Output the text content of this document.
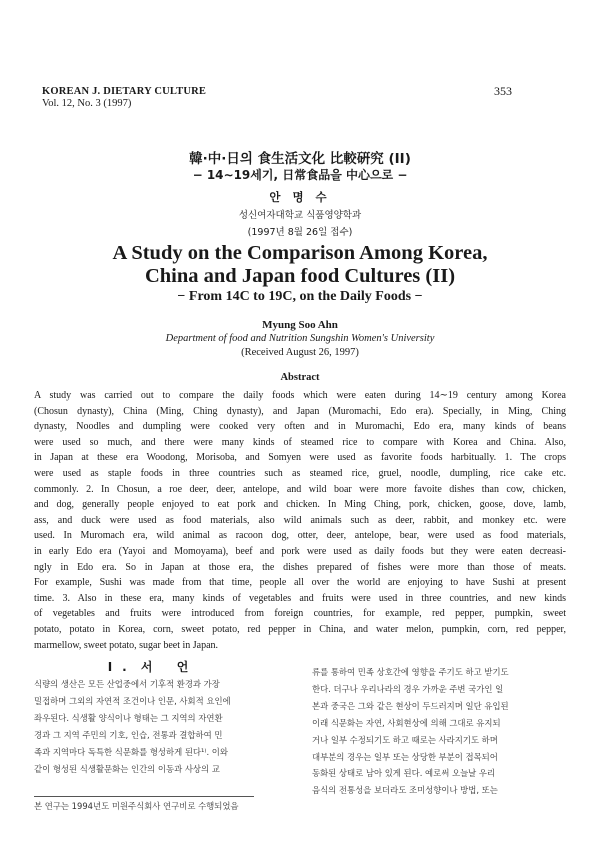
KOREAN J. DIETARY CULTURE
Vol. 12, No. 3 (1997)
353
韓·中·日의 食生活文化 比較硏究 (II)
− 14∼19세기, 日常食品을 中心으로 −
안 명 수
성신여자대학교 식품영양학과
(1997년 8월 26일 접수)
A Study on the Comparison Among Korea,
China and Japan food Cultures (II)
− From 14C to 19C, on the Daily Foods −
Myung Soo Ahn
Department of food and Nutrition Sungshin Women's University
(Received August 26, 1997)
Abstract
A study was carried out to compare the daily foods which were eaten during 14∼19 century among Korea
(Chosun dynasty), China (Ming, Ching dynasty), and Japan (Muromachi, Edo era). Specially, in Ming, Ching
dynasty, Noodles and dumpling were cooked very often and in Muromachi, Edo era, many kinds of beans
were used so much, and there were many kinds of steamed rice to compare with Korea and China. Also,
in Japan at these era Woodong, Morisoba, and Somyen were used as favorite foods harbitually. 1. The crops
were used as staple foods in three countries such as steamed rice, gruel, noodle, dumpling, rice cake etc.
commonly. 2. In Chosun, a roe deer, deer, antelope, and wild boar were more favoite dishes than cow, chicken,
and dog, generally people enjoyed to eat pork and chicken. In Ming Ching, pork, chicken, goose, dove, lamb,
ass, and duck were used as food materials, also wild animals such as deer, rabbit, and monkey etc. were
used. In Muromach era, wild animal as racoon dog, otter, deer, antelope, bear, were used as food materials,
in early Edo era (Yayoi and Momoyama), beef and pork were used as daily foods but they were eaten decreasi-
ngly in Edo era. So in Japan at those era, the dishes prepared of fishes were more than those of meats.
For example, Sushi was made from that time, people all over the world are enjoying to have Sushi at present
time. 3. Also in these era, many kinds of vegetables and fruits were used in three countries, and new kinds
of vegetables and fruits were introduced from foreign countries, for example, red pepper, pumpkin, sweet
potato, potato in Korea, corn, sweet potato, red pepper in China, and water melon, pumpkin, corn, red pepper,
marmellow, sweet potato, sugar beet in Japan.
I. 서 언
식량의 생산은 모든 산업중에서 기후적 환경과 가장
밀접하며 그외의 자연적 조건이나 인문, 사회적 요인에
좌우된다. 식생활 양식이나 형태는 그 지역의 자연환
경과 그 지역 주민의 기호, 인습, 전통과 결합하여 민
족과 지역마다 독특한 식문화를 형성하게 된다¹⁾. 이와
같이 형성된 식생활문화는 인간의 이동과 사상의 교
류를 통하여 민족 상호간에 영향을 주기도 하고 받기도
한다. 더구나 우리나라의 경우 가까운 주변 국가인 일
본과 중국은 그와 같은 현상이 두드러지며 일단 유입된
이래 식문화는 자연, 사회현상에 의해 그대로 유지되
거나 일부 수정되기도 하고 때로는 사라지기도 하며
대부분의 경우는 일부 또는 상당한 부분이 접목되어
동화된 상태로 남아 있게 된다. 예로써 오늘날 우리
음식의 전통성을 보더라도 조미성향이나 방법, 또는
본 연구는 1994년도 미원주식회사 연구비로 수행되었음
